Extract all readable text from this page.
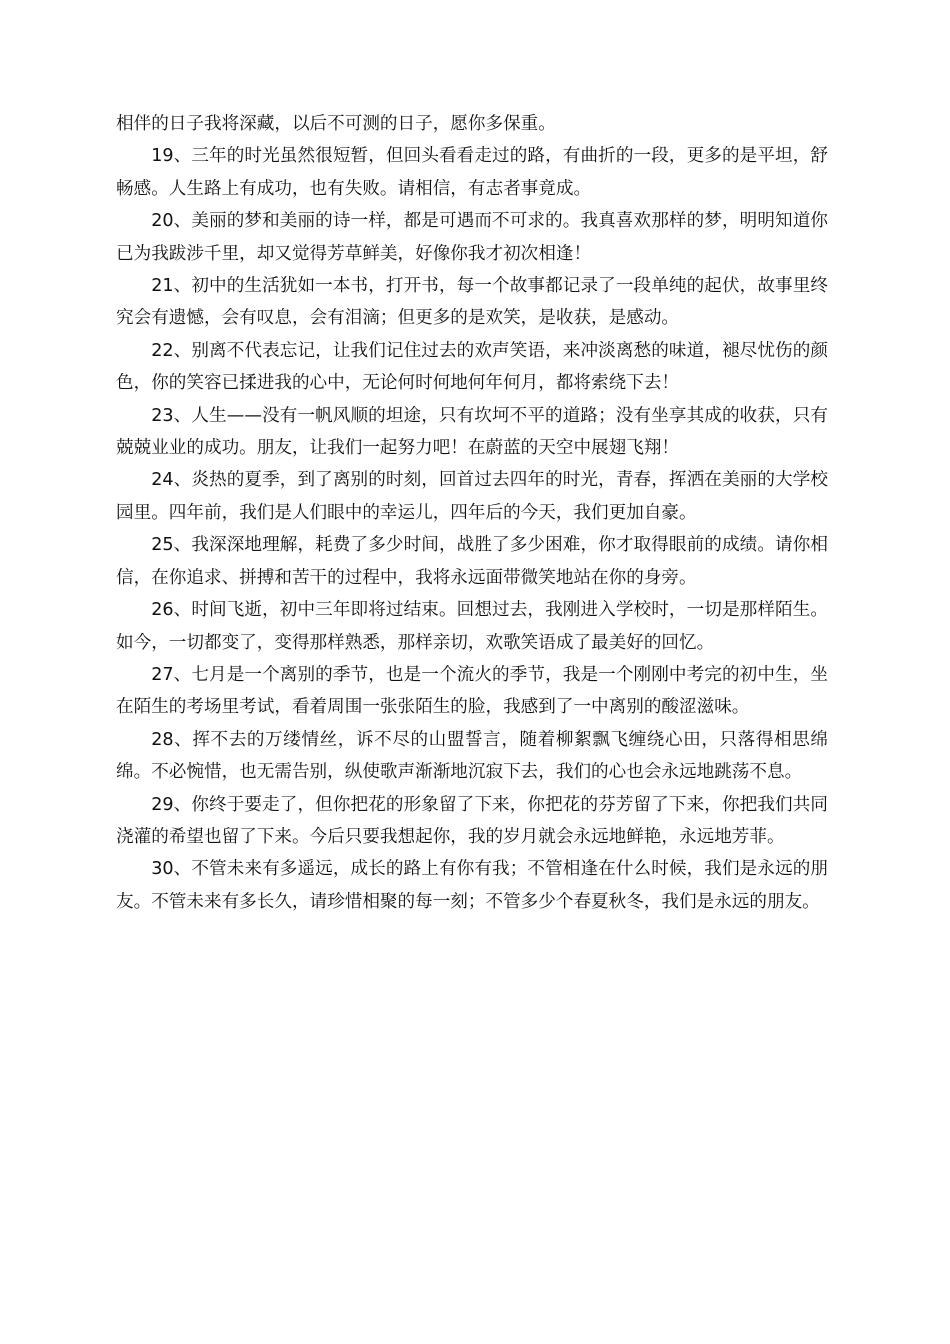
相伴的日子我将深藏，以后不可测的日子，愿你多保重。

19、三年的时光虽然很短暂，但回头看看走过的路，有曲折的一段，更多的是平坦，舒畅感。人生路上有成功，也有失败。请相信，有志者事竟成。

20、美丽的梦和美丽的诗一样，都是可遇而不可求的。我真喜欢那样的梦，明明知道你已为我跋涉千里，却又觉得芳草鲜美，好像你我才初次相逢！

21、初中的生活犹如一本书，打开书，每一个故事都记录了一段单纯的起伏，故事里终究会有遗憾，会有叹息，会有泪滴；但更多的是欢笑，是收获，是感动。

22、别离不代表忘记，让我们记住过去的欢声笑语，来冲淡离愁的味道，褪尽忧伤的颜色，你的笑容已揉进我的心中，无论何时何地何年何月，都将索绕下去！

23、人生——没有一帆风顺的坦途，只有坎坷不平的道路；没有坐享其成的收获，只有兢兢业业的成功。朋友，让我们一起努力吧！在蔚蓝的天空中展翅飞翔！

24、炎热的夏季，到了离别的时刻，回首过去四年的时光，青春，挥洒在美丽的大学校园里。四年前，我们是人们眼中的幸运儿，四年后的今天，我们更加自豪。

25、我深深地理解，耗费了多少时间，战胜了多少困难，你才取得眼前的成绩。请你相信，在你追求、拼搏和苦干的过程中，我将永远面带微笑地站在你的身旁。

26、时间飞逝，初中三年即将过结束。回想过去，我刚进入学校时，一切是那样陌生。如今，一切都变了，变得那样熟悉，那样亲切，欢歌笑语成了最美好的回忆。

27、七月是一个离别的季节，也是一个流火的季节，我是一个刚刚中考完的初中生，坐在陌生的考场里考试，看着周围一张张陌生的脸，我感到了一中离别的酸涩滋味。

28、挥不去的万缕情丝，诉不尽的山盟誓言，随着柳絮飘飞缠绕心田，只落得相思绵绵。不必惋惜，也无需告别，纵使歌声渐渐地沉寂下去，我们的心也会永远地跳荡不息。

29、你终于要走了，但你把花的形象留了下来，你把花的芬芳留了下来，你把我们共同浇灌的希望也留了下来。今后只要我想起你，我的岁月就会永远地鲜艳，永远地芳菲。

30、不管未来有多遥远，成长的路上有你有我；不管相逢在什么时候，我们是永远的朋友。不管未来有多长久，请珍惜相聚的每一刻；不管多少个春夏秋冬，我们是永远的朋友。
